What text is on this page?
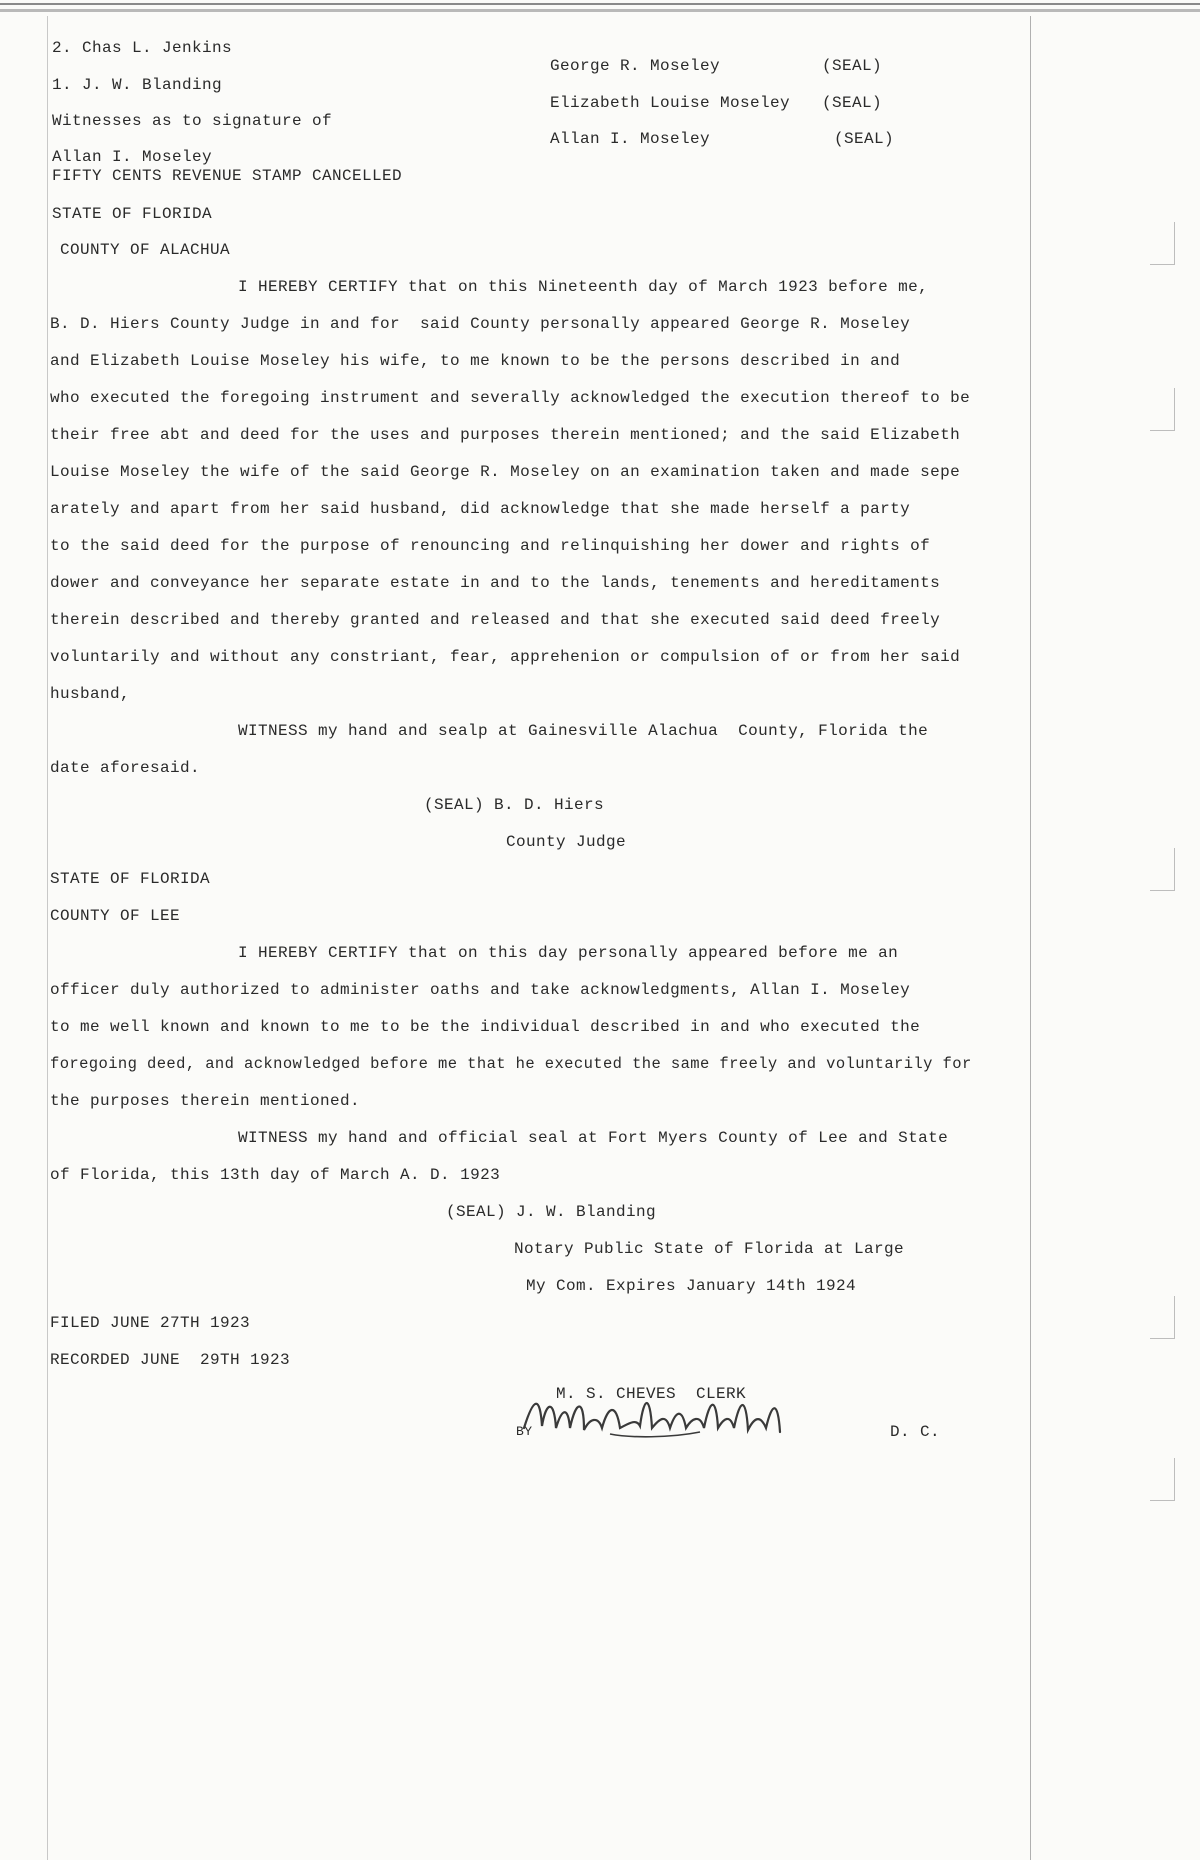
2. Chas L. Jenkins
1. J. W. Blanding
Witnesses as to signature of
Allan I. Moseley
FIFTY CENTS REVENUE STAMP CANCELLED
George R. Moseley	(SEAL)
Elizabeth Louise Moseley (SEAL)
Allan I. Moseley	(SEAL)
STATE OF FLORIDA
COUNTY OF ALACHUA
I HEREBY CERTIFY that on this Nineteenth day of March 1923 before me,
B. D. Hiers County Judge in and for  said County personally appeared George R. Moseley
and Elizabeth Louise Moseley his wife, to me known to be the persons described in and
who executed the foregoing instrument and severally acknowledged the execution thereof to be
their free abt and deed for the uses and purposes therein mentioned; and the said Elizabeth
Louise Moseley the wife of the said George R. Moseley on an examination taken and made sepe
arately and apart from her said husband, did acknowledge that she made herself a party
to the said deed for the purpose of renouncing and relinquishing her dower and rights of
dower and conveyance her separate estate in and to the lands, tenements and hereditaments
therein described and thereby granted and released and that she executed said deed freely
voluntarily and without any constriant, fear, apprehenion or compulsion of or from her said
husband,
WITNESS my hand and sealp at Gainesville Alachua  County, Florida the
date aforesaid.
(SEAL) B. D. Hiers
County Judge
STATE OF FLORIDA
COUNTY OF LEE
I HEREBY CERTIFY that on this day personally appeared before me an
officer duly authorized to administer oaths and take acknowledgments, Allan I. Moseley
to me well known and known to me to be the individual described in and who executed the
foregoing deed, and acknowledged before me that he executed the same freely and voluntarily for
the purposes therein mentioned.
WITNESS my hand and official seal at Fort Myers County of Lee and State
of Florida, this 13th day of March A. D. 1923
(SEAL) J. W. Blanding
Notary Public State of Florida at Large
My Com. Expires January 14th 1924
FILED JUNE 27TH 1923
RECORDED JUNE  29TH 1923
M. S. CHEVES  CLERK
BY	D. C.
